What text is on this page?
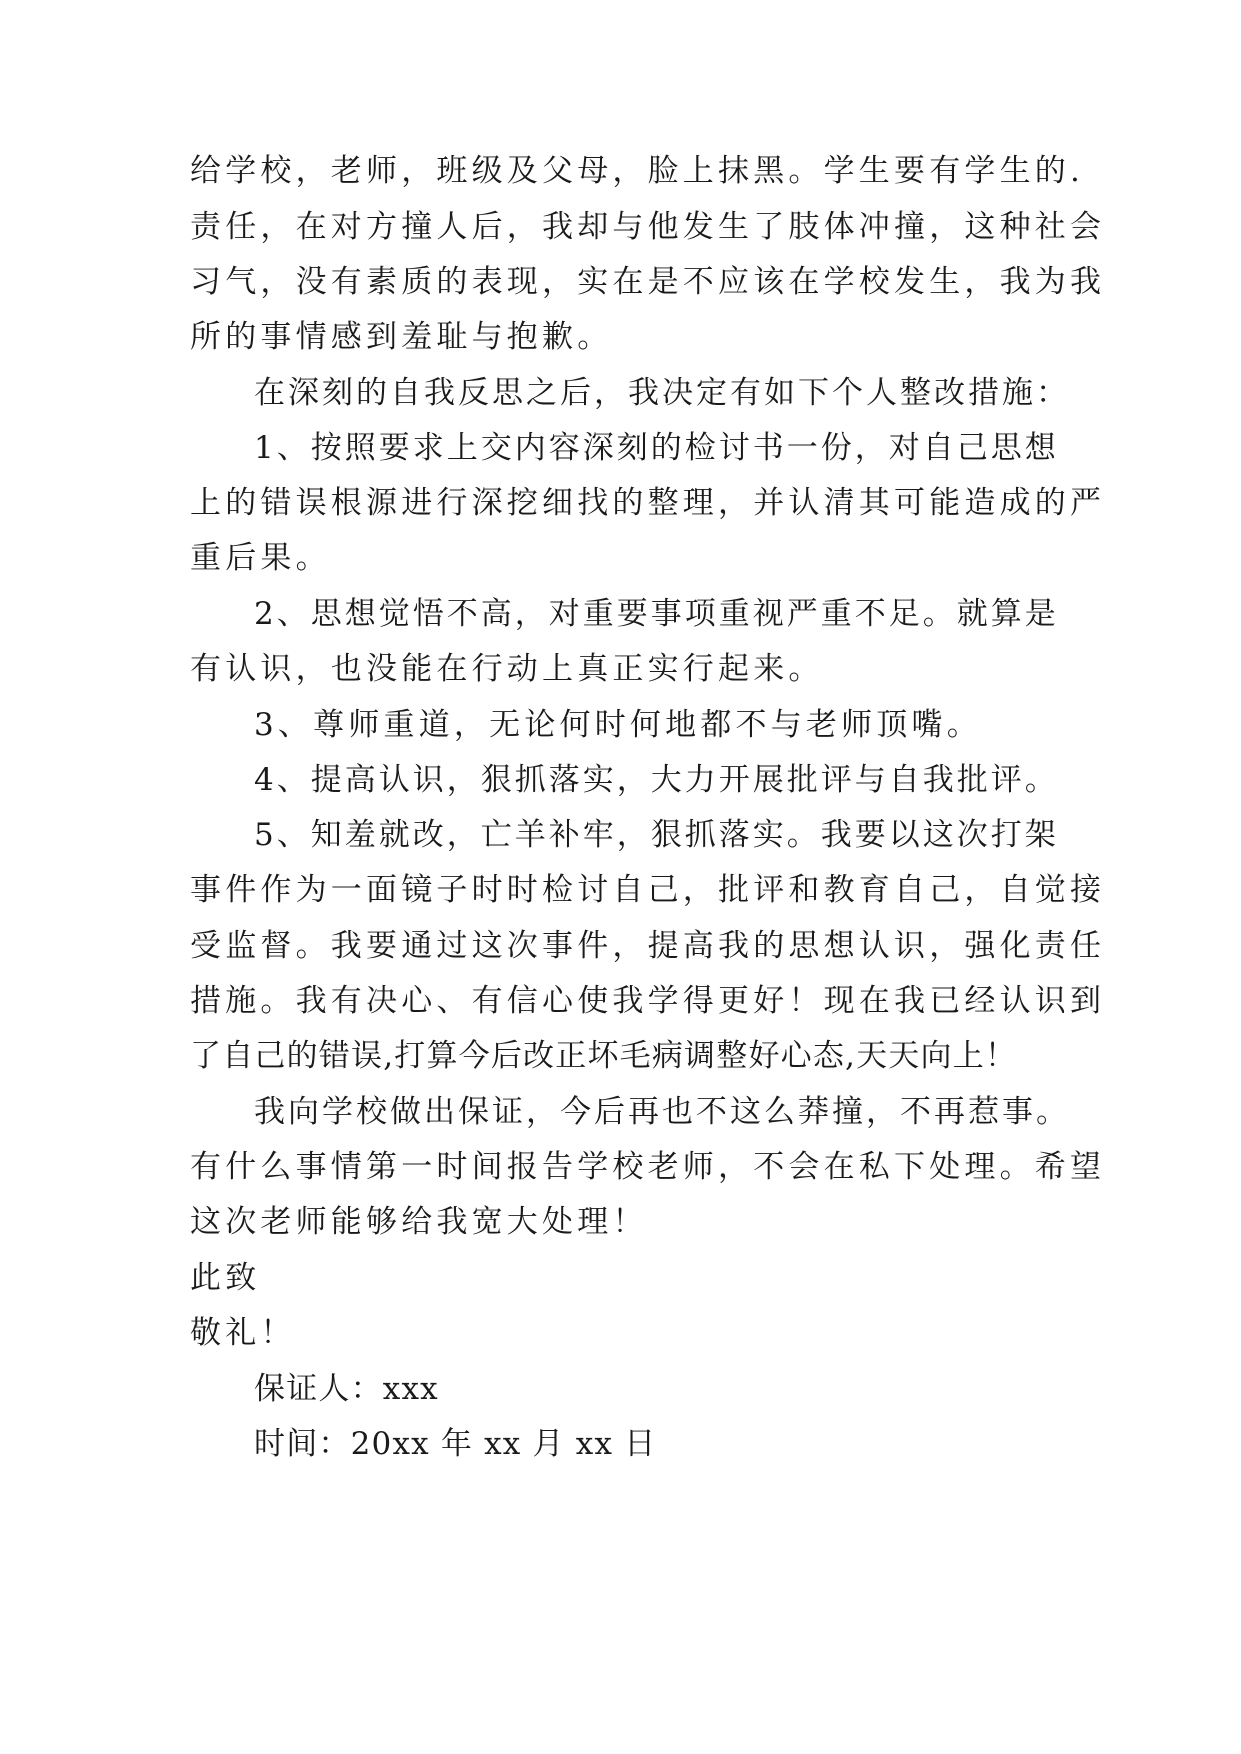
给学校，老师，班级及父母，脸上抹黑。学生要有学生的.
责任，在对方撞人后，我却与他发生了肢体冲撞，这种社会
习气，没有素质的表现，实在是不应该在学校发生，我为我
所的事情感到羞耻与抱歉。
在深刻的自我反思之后，我决定有如下个人整改措施：
1、按照要求上交内容深刻的检讨书一份，对自己思想
上的错误根源进行深挖细找的整理，并认清其可能造成的严
重后果。
2、思想觉悟不高，对重要事项重视严重不足。就算是
有认识，也没能在行动上真正实行起来。
3、尊师重道，无论何时何地都不与老师顶嘴。
4、提高认识，狠抓落实，大力开展批评与自我批评。
5、知羞就改，亡羊补牢，狠抓落实。我要以这次打架
事件作为一面镜子时时检讨自己，批评和教育自己，自觉接
受监督。我要通过这次事件，提高我的思想认识，强化责任
措施。我有决心、有信心使我学得更好！现在我已经认识到
了自己的错误,打算今后改正坏毛病调整好心态,天天向上！
我向学校做出保证，今后再也不这么莽撞，不再惹事。
有什么事情第一时间报告学校老师，不会在私下处理。希望
这次老师能够给我宽大处理！
此致
敬礼！
保证人：xxx
时间：20xx 年 xx 月 xx 日
